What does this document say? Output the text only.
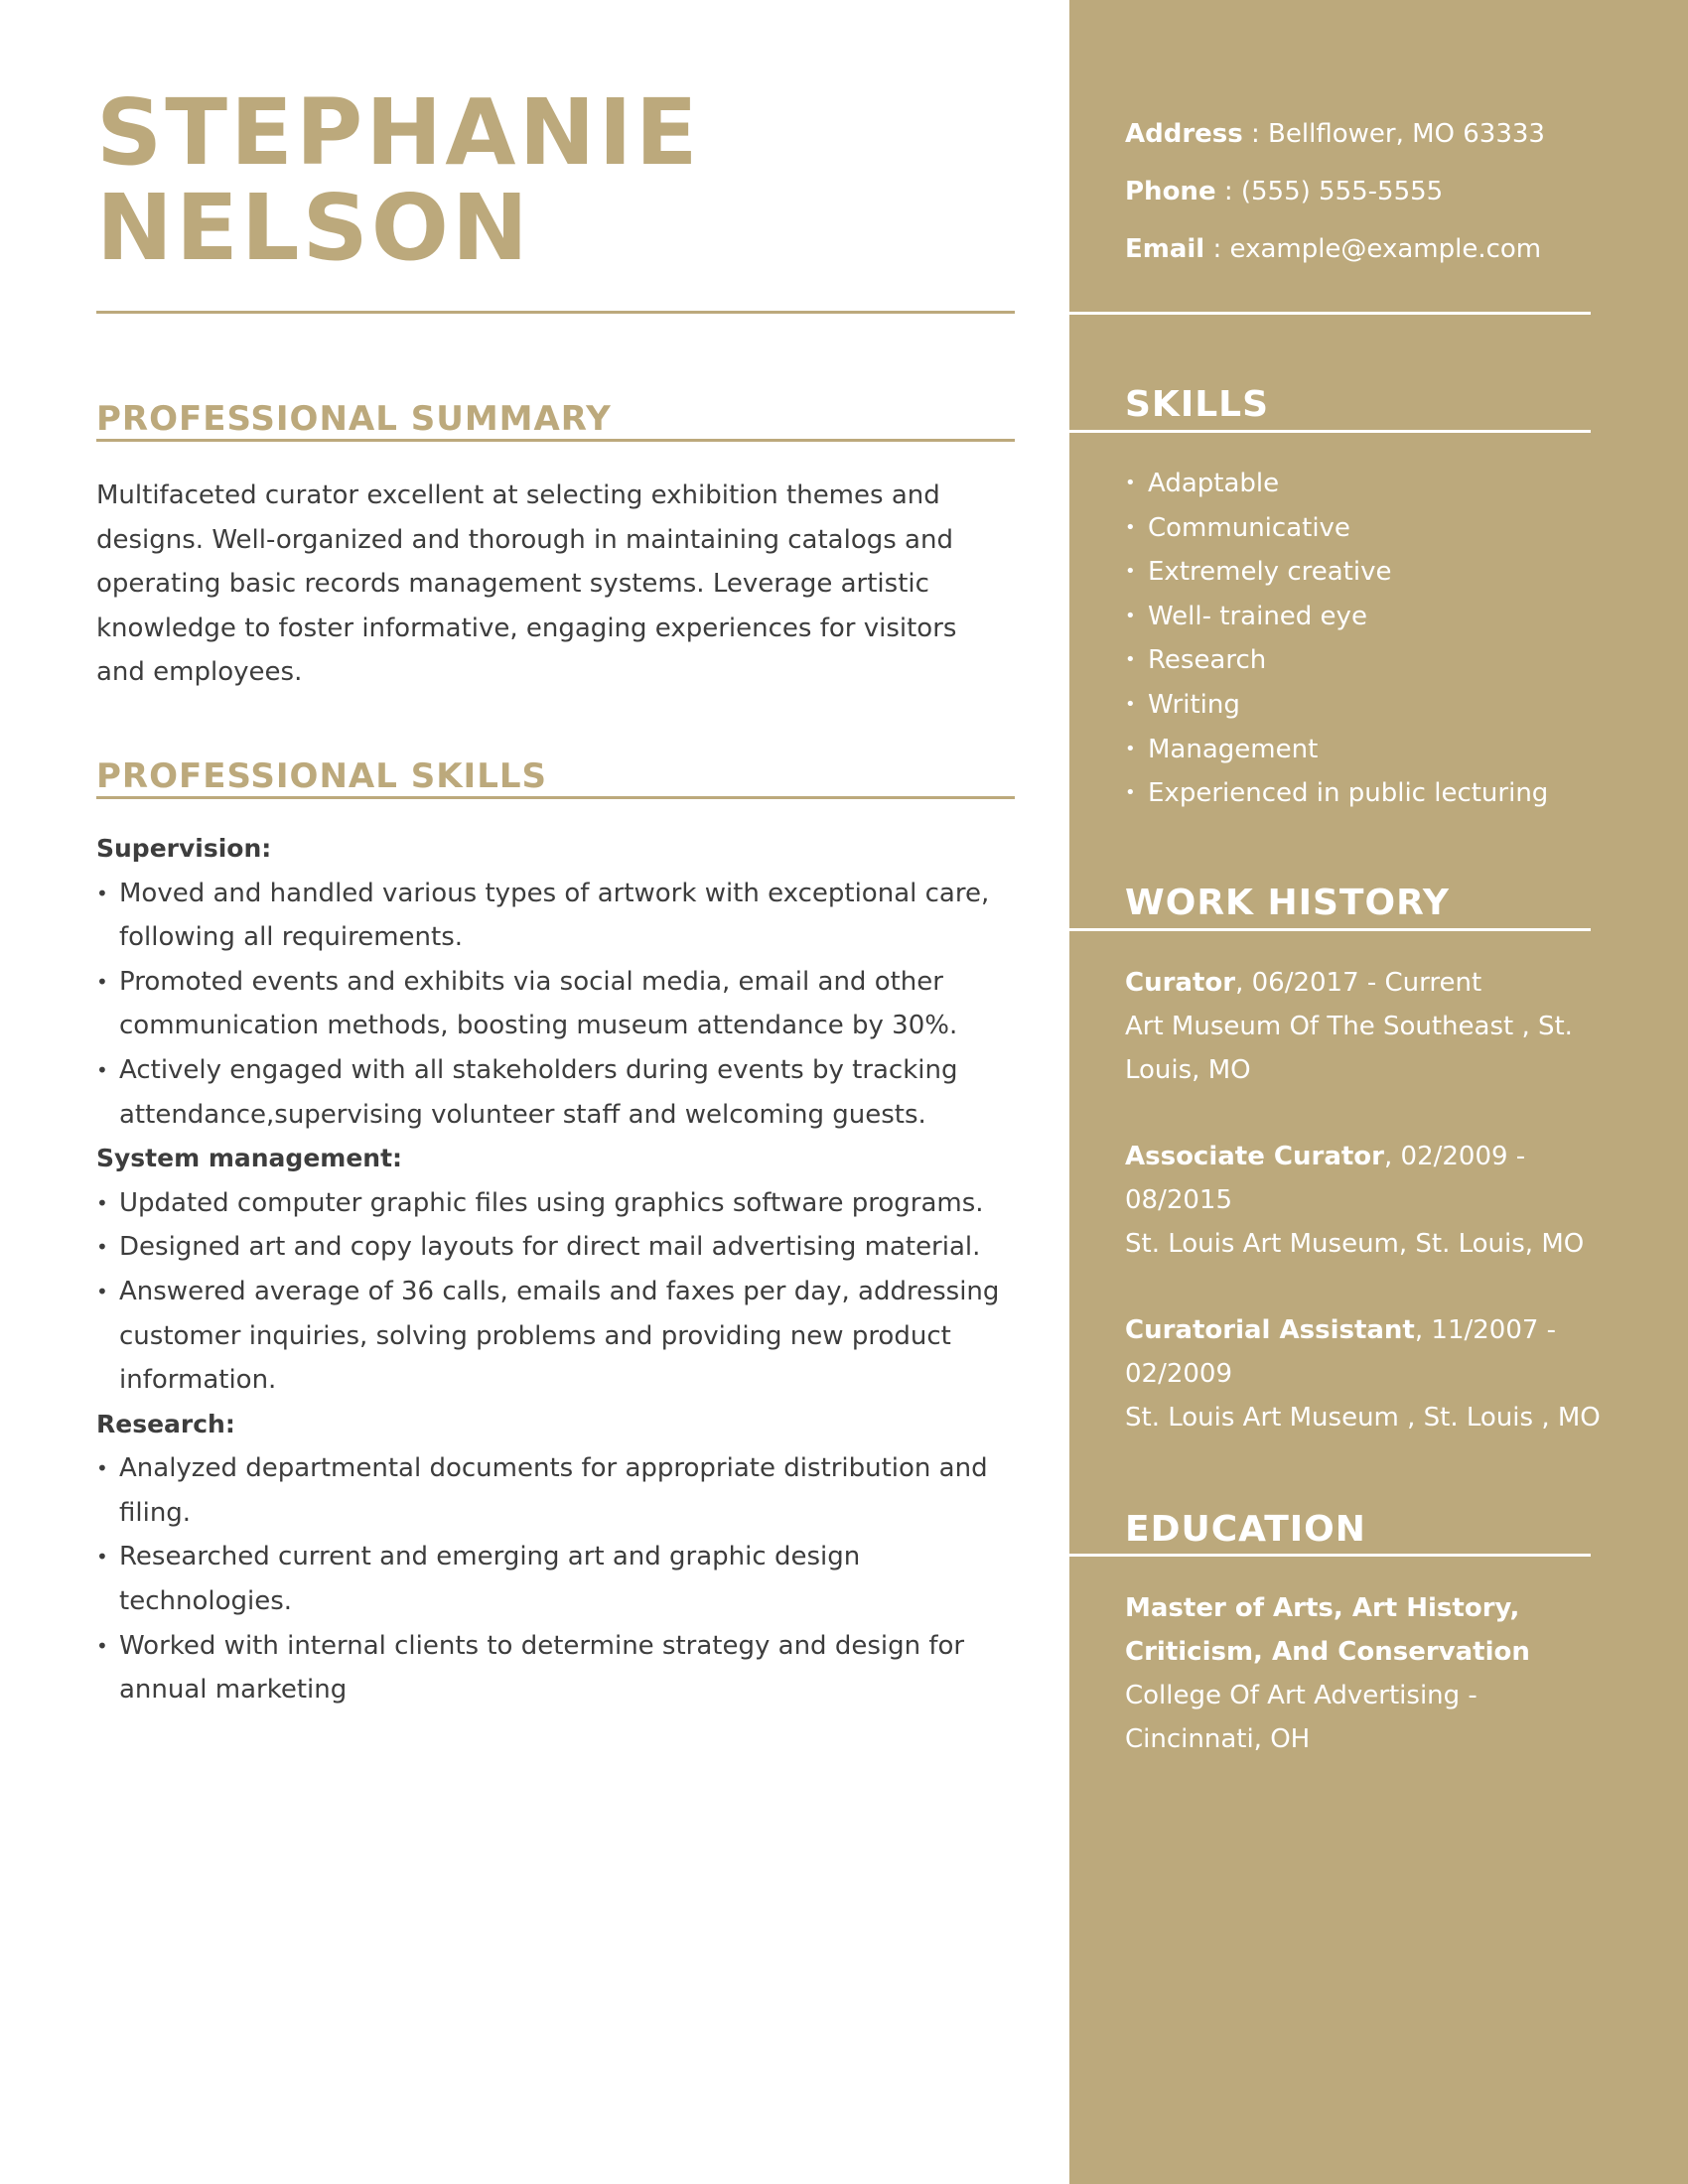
STEPHANIE
NELSON
PROFESSIONAL SUMMARY

Multifaceted curator excellent at selecting exhibition themes and

designs. Well-organized and thorough in maintaining catalogs and

operating basic records management systems. Leverage artistic

knowledge to foster informative, engaging experiences for visitors

and employees.

PROFESSIONAL SKILLS
Supervision:
• Moved and handled various types of artwork with exceptional care,
following all requirements.
• Promoted events and exhibits via social media, email and other
communication methods, boosting museum attendance by 30%.
• Actively engaged with all stakeholders during events by tracking
attendance,supervising volunteer staff and welcoming guests.
System management:
• Updated computer graphic files using graphics software programs.
• Designed art and copy layouts for direct mail advertising material.
• Answered average of 36 calls, emails and faxes per day, addressing
customer inquiries, solving problems and providing new product
information.
Research:
• Analyzed departmental documents for appropriate distribution and
filing.
• Researched current and emerging art and graphic design
technologies.
• Worked with internal clients to determine strategy and design for
annual marketing
Address : Bellflower, MO 63333
Phone : (555) 555-5555
Email : example@example.com
SKILLS
• Adaptable
• Communicative
• Extremely creative
• Well- trained eye
• Research
• Writing
• Management
• Experienced in public lecturing
WORK HISTORY
Curator, 06/2017 - Current
Art Museum Of The Southeast , St.
Louis, MO
Associate Curator, 02/2009 -
08/2015
St. Louis Art Museum, St. Louis, MO
Curatorial Assistant, 11/2007 -
02/2009
St. Louis Art Museum , St. Louis , MO
EDUCATION
Master of Arts, Art History,
Criticism, And Conservation
College Of Art Advertising -
Cincinnati, OH
